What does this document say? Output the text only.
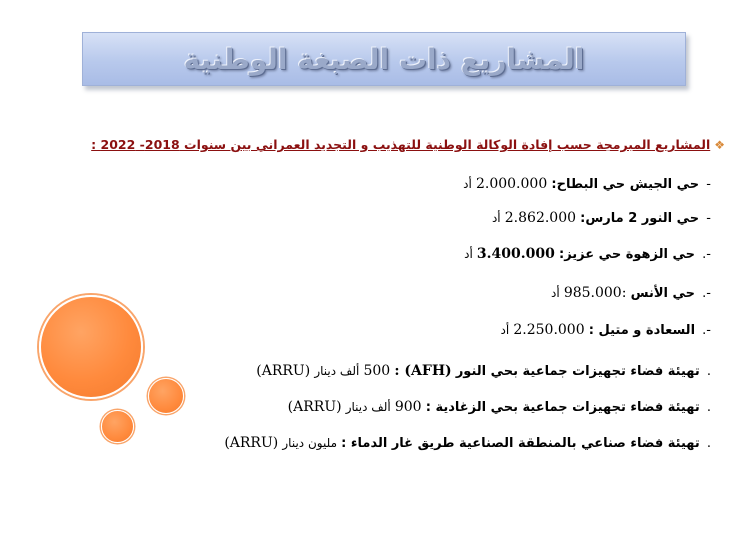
المشاريع ذات الصبغة الوطنية
❖
المشاريع المبرمجة حسب إفادة الوكالة الوطنية للتهذيب و التجديد العمراني بين سنوات 2018- 2022 :
- حي الجيش حي البطاح: 2.000.000 أد
- حي النور 2 مارس: 2.862.000 أد
-. حي الزهوة حي عزيز: 3.400.000 أد
-. حي الأنس :985.000 أد
-. السعادة و متيل : 2.250.000 أد
. تهيئة فضاء تجهيزات جماعية بحي النور (AFH) : 500 ألف دينار (ARRU)
. تهيئة فضاء تجهيزات جماعية بحي الزغادية : 900 ألف دينار (ARRU)
. تهيئة فضاء صناعي بالمنطقة الصناعية طريق غار الدماء : مليون دينار (ARRU)
